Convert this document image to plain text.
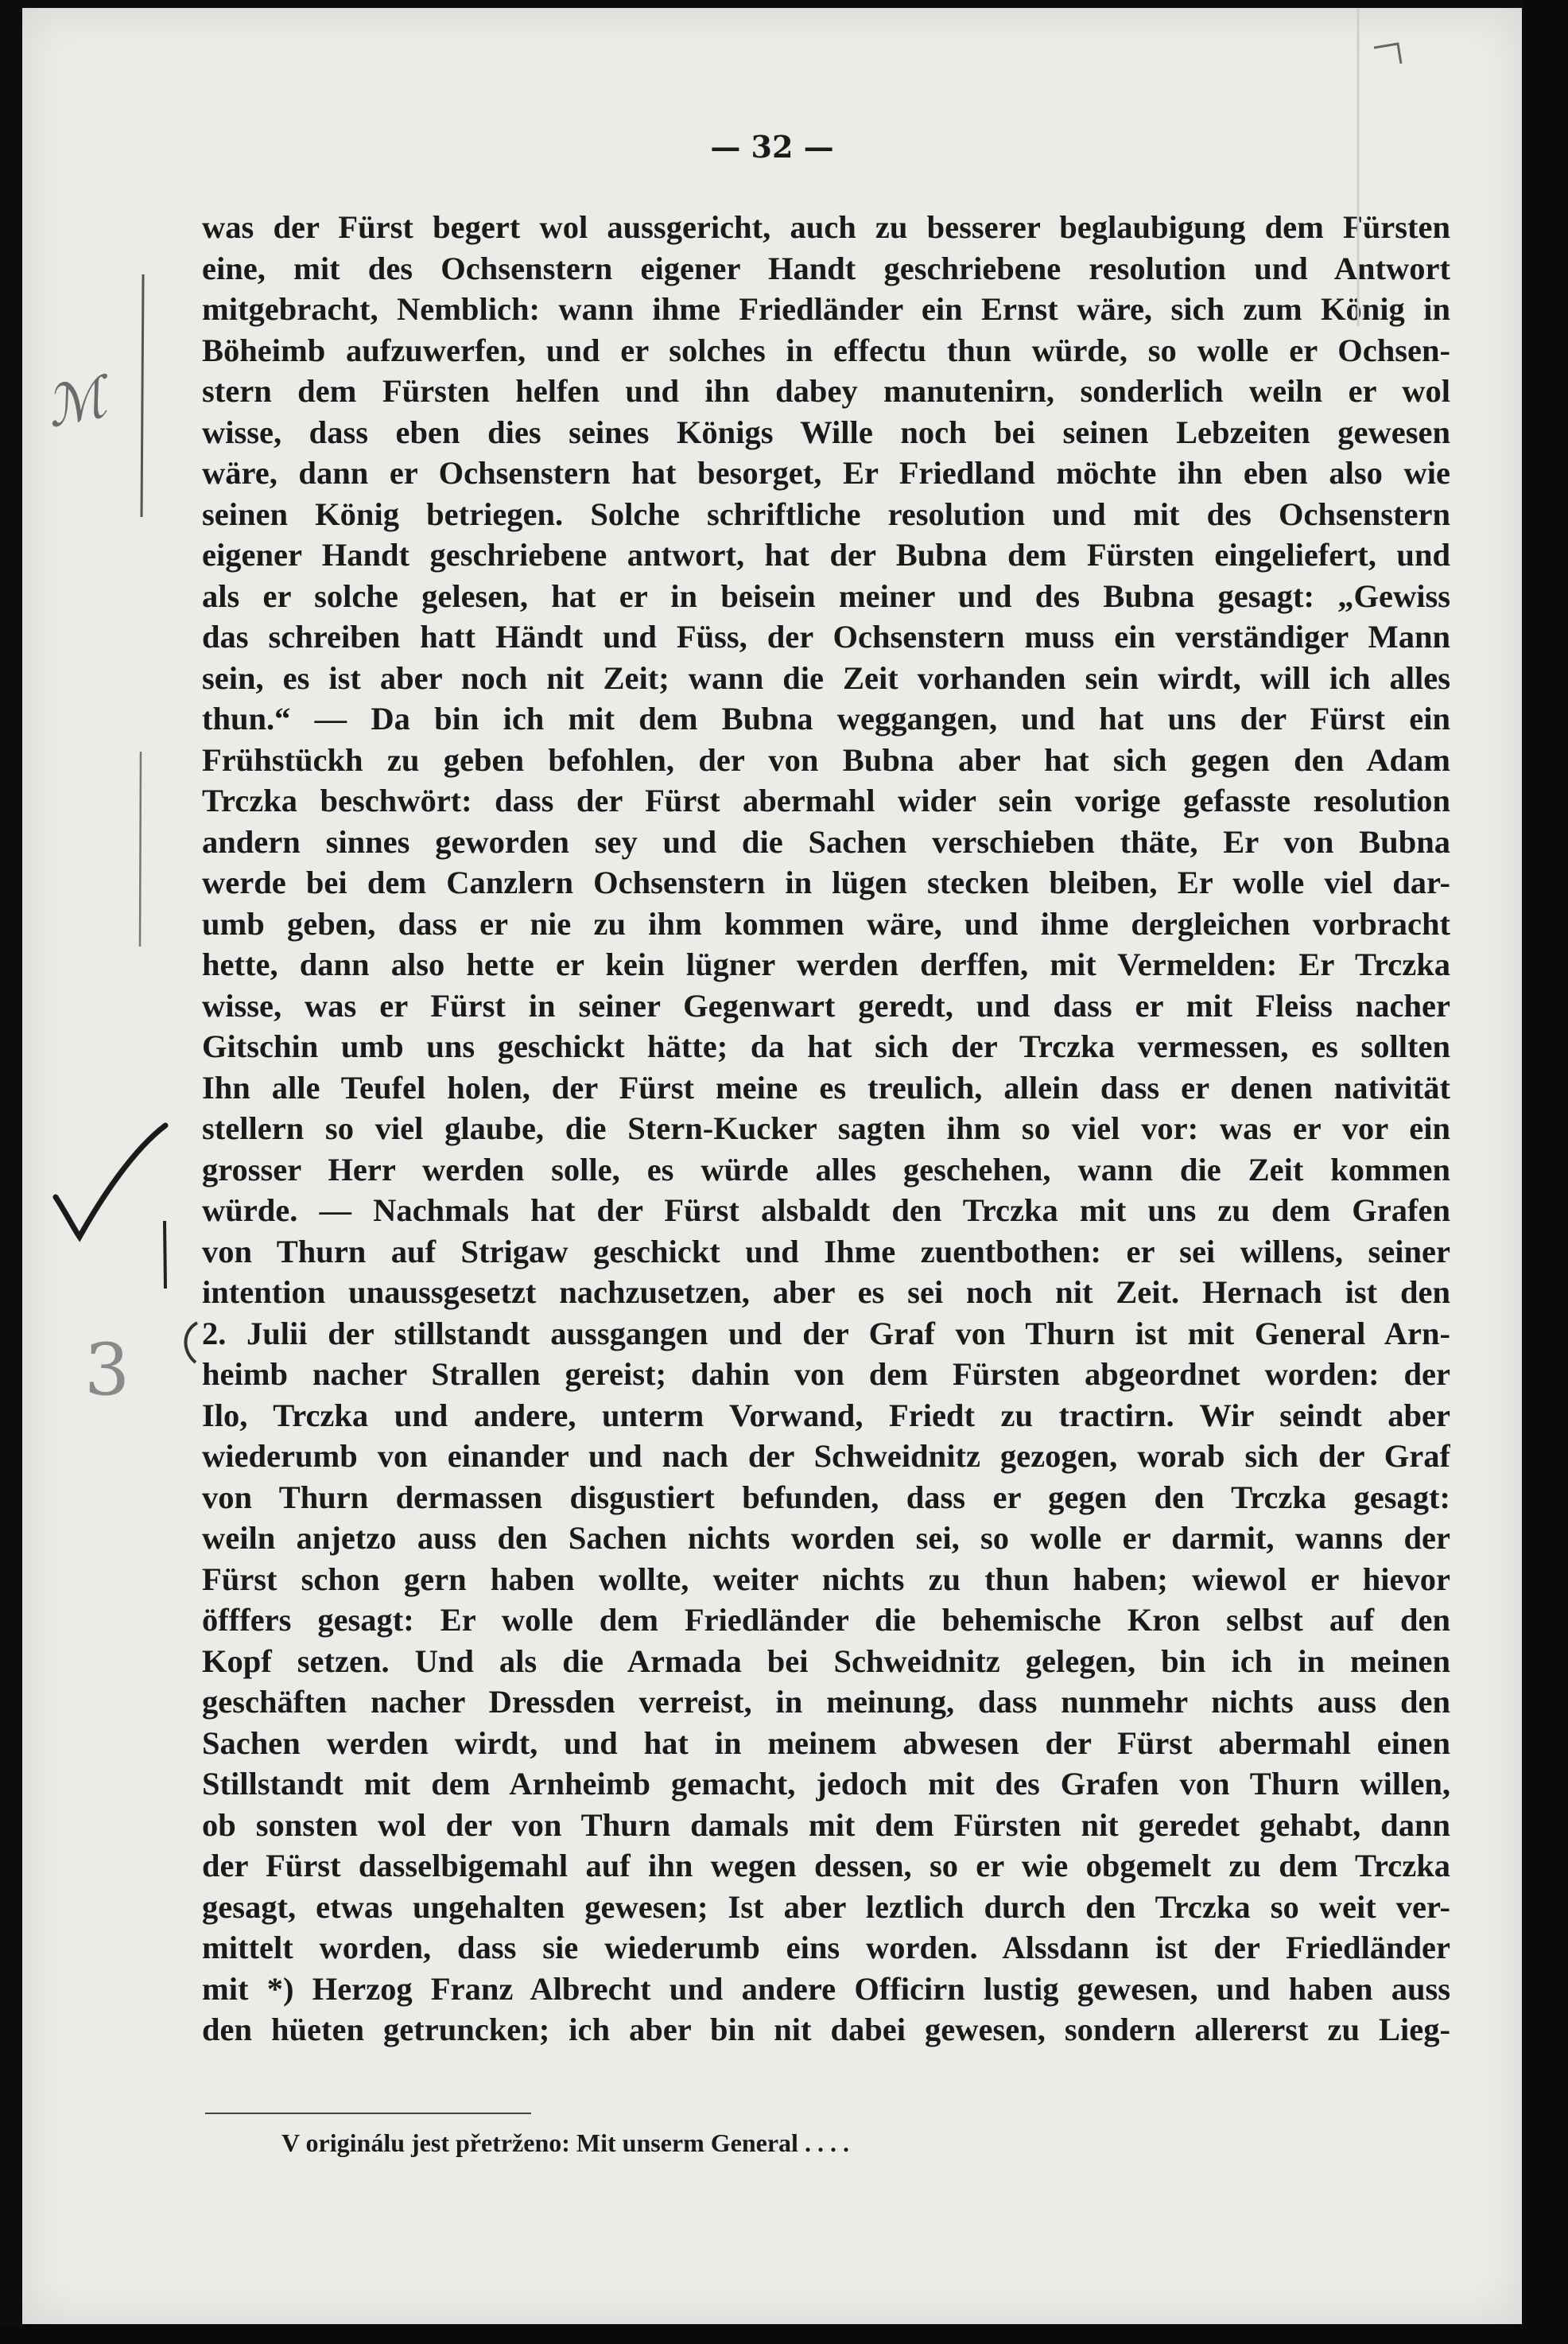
— 32 —
was der Fürst begert wol aussgericht, auch zu besserer beglaubigung dem Fürsten
eine, mit des Ochsenstern eigener Handt geschriebene resolution und Antwort
mitgebracht, Nemblich: wann ihme Friedländer ein Ernst wäre, sich zum König in
Böheimb aufzuwerfen, und er solches in effectu thun würde, so wolle er Ochsen-
stern dem Fürsten helfen und ihn dabey manutenirn, sonderlich weiln er wol
wisse, dass eben dies seines Königs Wille noch bei seinen Lebzeiten gewesen
wäre, dann er Ochsenstern hat besorget, Er Friedland möchte ihn eben also wie
seinen König betriegen. Solche schriftliche resolution und mit des Ochsenstern
eigener Handt geschriebene antwort, hat der Bubna dem Fürsten eingeliefert, und
als er solche gelesen, hat er in beisein meiner und des Bubna gesagt: „Gewiss
das schreiben hatt Händt und Füss, der Ochsenstern muss ein verständiger Mann
sein, es ist aber noch nit Zeit; wann die Zeit vorhanden sein wirdt, will ich alles
thun.“ — Da bin ich mit dem Bubna weggangen, und hat uns der Fürst ein
Frühstückh zu geben befohlen, der von Bubna aber hat sich gegen den Adam
Trczka beschwört: dass der Fürst abermahl wider sein vorige gefasste resolution
andern sinnes geworden sey und die Sachen verschieben thäte, Er von Bubna
werde bei dem Canzlern Ochsenstern in lügen stecken bleiben, Er wolle viel dar-
umb geben, dass er nie zu ihm kommen wäre, und ihme dergleichen vorbracht
hette, dann also hette er kein lügner werden derffen, mit Vermelden: Er Trczka
wisse, was er Fürst in seiner Gegenwart geredt, und dass er mit Fleiss nacher
Gitschin umb uns geschickt hätte; da hat sich der Trczka vermessen, es sollten
Ihn alle Teufel holen, der Fürst meine es treulich, allein dass er denen nativität
stellern so viel glaube, die Stern-Kucker sagten ihm so viel vor: was er vor ein
grosser Herr werden solle, es würde alles geschehen, wann die Zeit kommen
würde. — Nachmals hat der Fürst alsbaldt den Trczka mit uns zu dem Grafen
von Thurn auf Strigaw geschickt und Ihme zuentbothen: er sei willens, seiner
intention unaussgesetzt nachzusetzen, aber es sei noch nit Zeit. Hernach ist den
2. Julii der stillstandt aussgangen und der Graf von Thurn ist mit General Arn-
heimb nacher Strallen gereist; dahin von dem Fürsten abgeordnet worden: der
Ilo, Trczka und andere, unterm Vorwand, Friedt zu tractirn. Wir seindt aber
wiederumb von einander und nach der Schweidnitz gezogen, worab sich der Graf
von Thurn dermassen disgustiert befunden, dass er gegen den Trczka gesagt:
weiln anjetzo auss den Sachen nichts worden sei, so wolle er darmit, wanns der
Fürst schon gern haben wollte, weiter nichts zu thun haben; wiewol er hievor
öfffers gesagt: Er wolle dem Friedländer die behemische Kron selbst auf den
Kopf setzen. Und als die Armada bei Schweidnitz gelegen, bin ich in meinen
geschäften nacher Dressden verreist, in meinung, dass nunmehr nichts auss den
Sachen werden wirdt, und hat in meinem abwesen der Fürst abermahl einen
Stillstandt mit dem Arnheimb gemacht, jedoch mit des Grafen von Thurn willen,
ob sonsten wol der von Thurn damals mit dem Fürsten nit geredet gehabt, dann
der Fürst dasselbigemahl auf ihn wegen dessen, so er wie obgemelt zu dem Trczka
gesagt, etwas ungehalten gewesen; Ist aber leztlich durch den Trczka so weit ver-
mittelt worden, dass sie wiederumb eins worden. Alssdann ist der Friedländer
mit *) Herzog Franz Albrecht und andere Officirn lustig gewesen, und haben auss
den hüeten getruncken; ich aber bin nit dabei gewesen, sondern allererst zu Lieg-
V originálu jest přetrženo: Mit unserm General . . . .
ℳ
3
